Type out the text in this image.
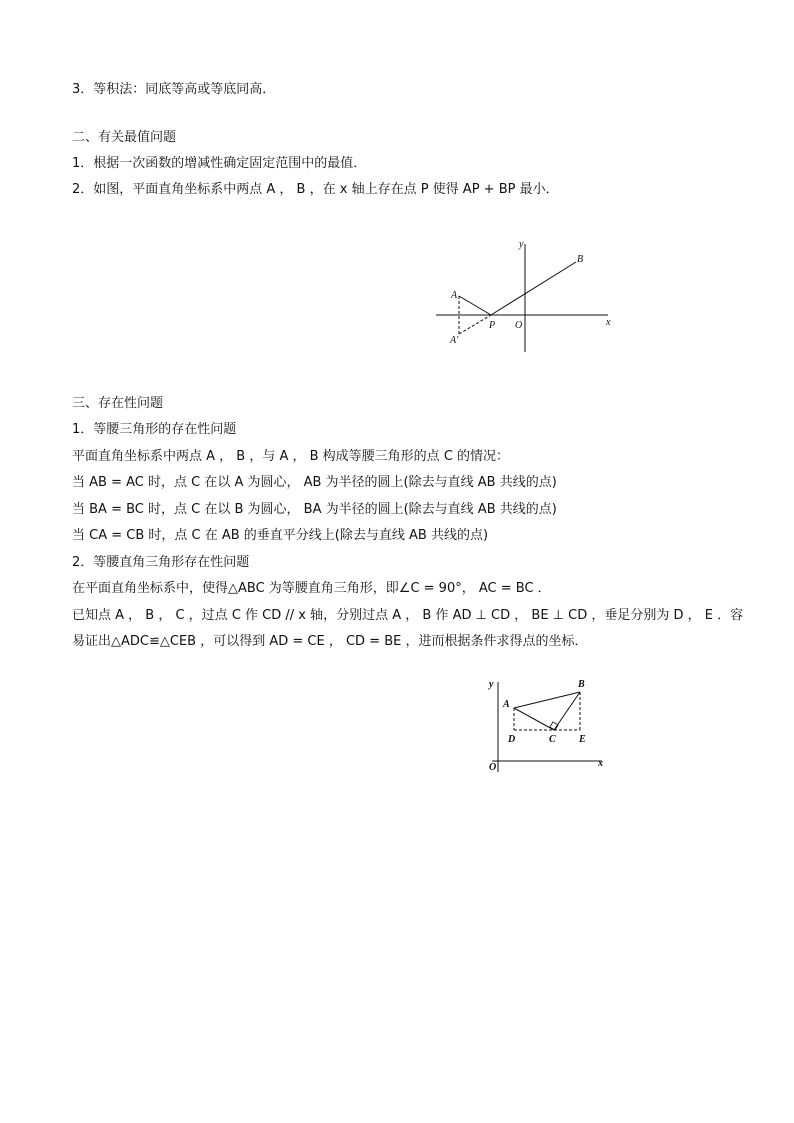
3．等积法：同底等高或等底同高．
二、有关最值问题
1．根据一次函数的增减性确定固定范围中的最值．
2．如图，平面直角坐标系中两点 A ， B ，在 x 轴上存在点 P 使得 AP + BP 最小．
y
x
O
A
A′
B
P
三、存在性问题
1．等腰三角形的存在性问题
平面直角坐标系中两点 A ， B ，与 A ， B 构成等腰三角形的点 C 的情况：
当 AB = AC 时，点 C 在以 A 为圆心， AB 为半径的圆上(除去与直线 AB 共线的点)
当 BA = BC 时，点 C 在以 B 为圆心， BA 为半径的圆上(除去与直线 AB 共线的点)
当 CA = CB 时，点 C 在 AB 的垂直平分线上(除去与直线 AB 共线的点)
2．等腰直角三角形存在性问题
在平面直角坐标系中，使得△ABC 为等腰直角三角形，即∠C = 90°， AC = BC ．
已知点 A ， B ， C ，过点 C 作 CD // x 轴，分别过点 A ， B 作 AD ⊥ CD ， BE ⊥ CD ，垂足分别为 D ， E ．容
易证出△ADC≌△CEB ，可以得到 AD = CE ， CD = BE ，进而根据条件求得点的坐标．
y
x
O
A
B
C
D	E
